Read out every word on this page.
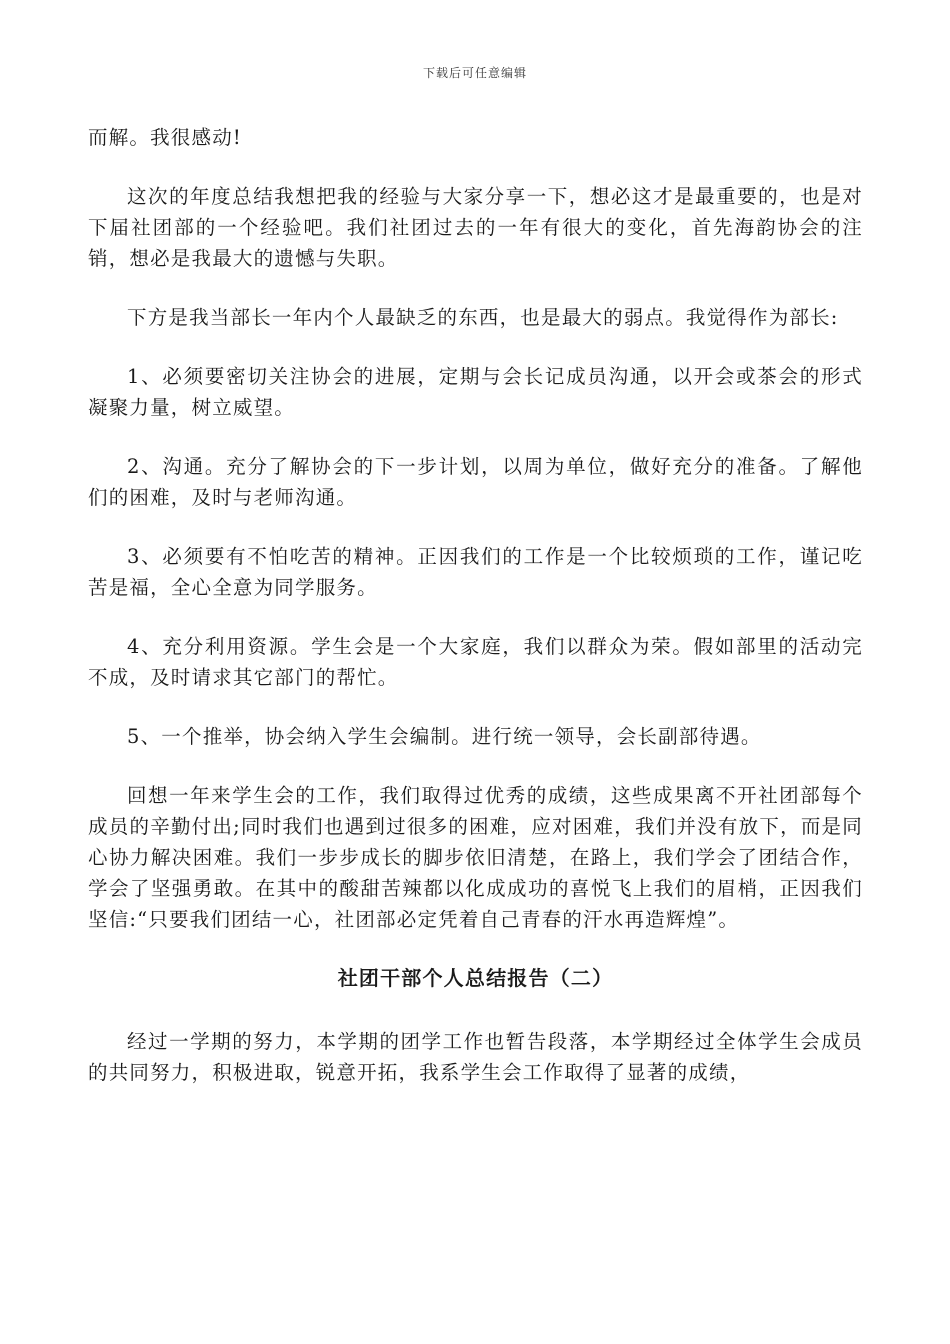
下载后可任意编辑

而解。我很感动!

这次的年度总结我想把我的经验与大家分享一下，想必这才是最重要的，也是对下届社团部的一个经验吧。我们社团过去的一年有很大的变化，首先海韵协会的注销，想必是我最大的遗憾与失职。

下方是我当部长一年内个人最缺乏的东西，也是最大的弱点。我觉得作为部长:

1、必须要密切关注协会的进展，定期与会长记成员沟通，以开会或茶会的形式凝聚力量，树立威望。

2、沟通。充分了解协会的下一步计划，以周为单位，做好充分的准备。了解他们的困难，及时与老师沟通。

3、必须要有不怕吃苦的精神。正因我们的工作是一个比较烦琐的工作，谨记吃苦是福，全心全意为同学服务。

4、充分利用资源。学生会是一个大家庭，我们以群众为荣。假如部里的活动完不成，及时请求其它部门的帮忙。

5、一个推举，协会纳入学生会编制。进行统一领导，会长副部待遇。

回想一年来学生会的工作，我们取得过优秀的成绩，这些成果离不开社团部每个成员的辛勤付出;同时我们也遇到过很多的困难，应对困难，我们并没有放下，而是同心协力解决困难。我们一步步成长的脚步依旧清楚，在路上，我们学会了团结合作，学会了坚强勇敢。在其中的酸甜苦辣都以化成成功的喜悦飞上我们的眉梢，正因我们坚信:“只要我们团结一心，社团部必定凭着自己青春的汗水再造辉煌”。

社团干部个人总结报告（二）

经过一学期的努力，本学期的团学工作也暂告段落，本学期经过全体学生会成员的共同努力，积极进取，锐意开拓，我系学生会工作取得了显著的成绩，
